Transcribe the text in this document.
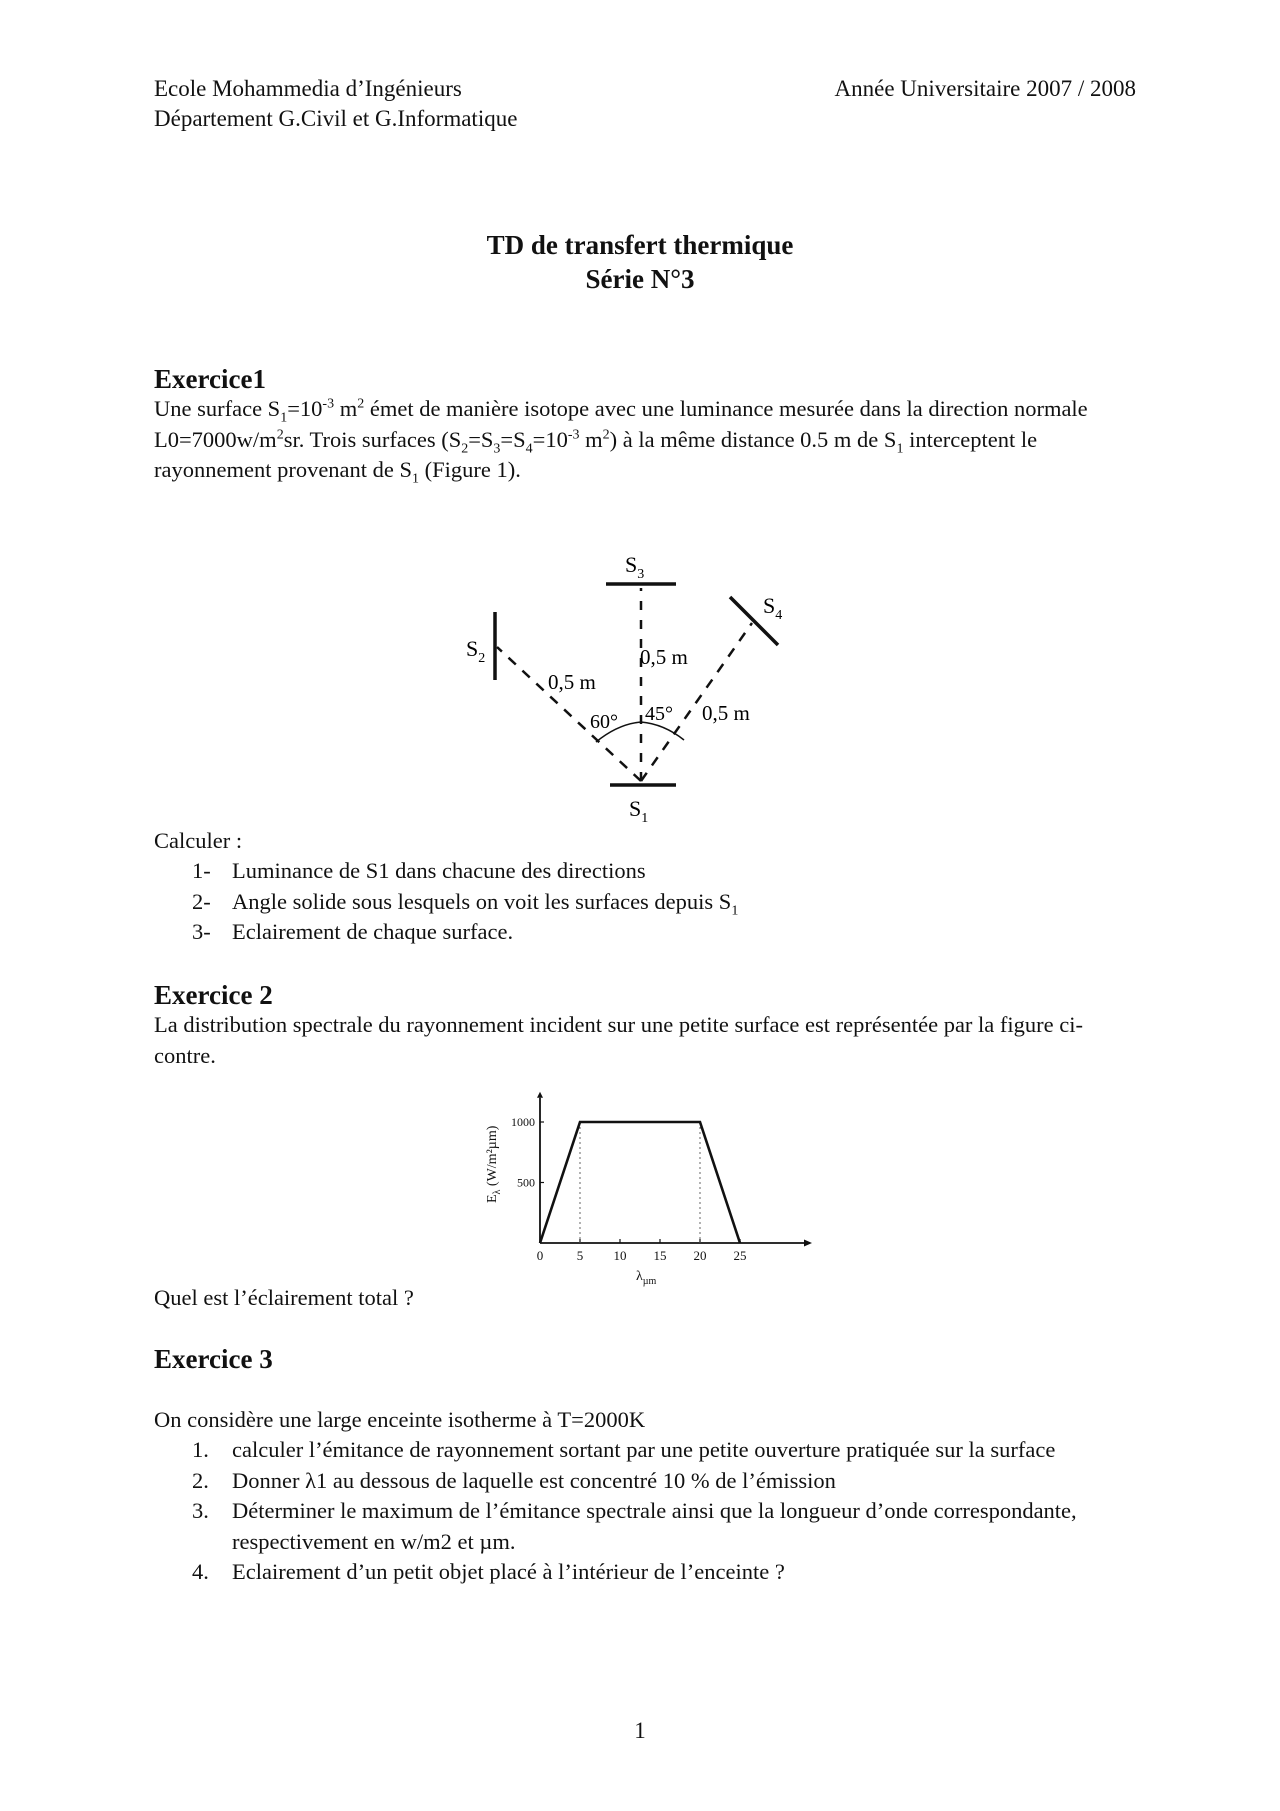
Ecole Mohammedia d’Ingénieurs
Département G.Civil et G.Informatique
Année Universitaire 2007 / 2008
TD de transfert thermique
Série N°3
Exercice1
Une surface $S_1=10^{-3}$ $m^2$ émet de manière isotope avec une luminance mesurée dans la direction normale $L0=7000w/m^2sr$. Trois surfaces ($S_2=S_3=S_4=10^{-3}$ $m^2$) à la même distance 0.5 m de $S_1$ interceptent le rayonnement provenant de $S_1$ (Figure 1).
$S_3$
$S_2$
$S_4$
$S_1$
0,5 m
0,5 m
0,5 m
60° 45°
Calculer :
1- Luminance de S1 dans chacune des directions
2- Angle solide sous lesquels on voit les surfaces depuis $S_1$
3- Eclairement de chaque surface.
Exercice 2
La distribution spectrale du rayonnement incident sur une petite surface est représentée par la figure ci-contre.
0	5 10 15 20 25
500
1000
$E_\lambda$ (W/m²µm)
$\lambda_{\mu m}$
Quel est l’éclairement total ?
Exercice 3
On considère une large enceinte isotherme à T=2000K
1. calculer l’émitance de rayonnement sortant par une petite ouverture pratiquée sur la surface
2. Donner λ1 au dessous de laquelle est concentré 10 % de l’émission
3. Déterminer le maximum de l’émitance spectrale ainsi que la longueur d’onde correspondante, respectivement en w/m2 et µm.
4. Eclairement d’un petit objet placé à l’intérieur de l’enceinte ?
1
